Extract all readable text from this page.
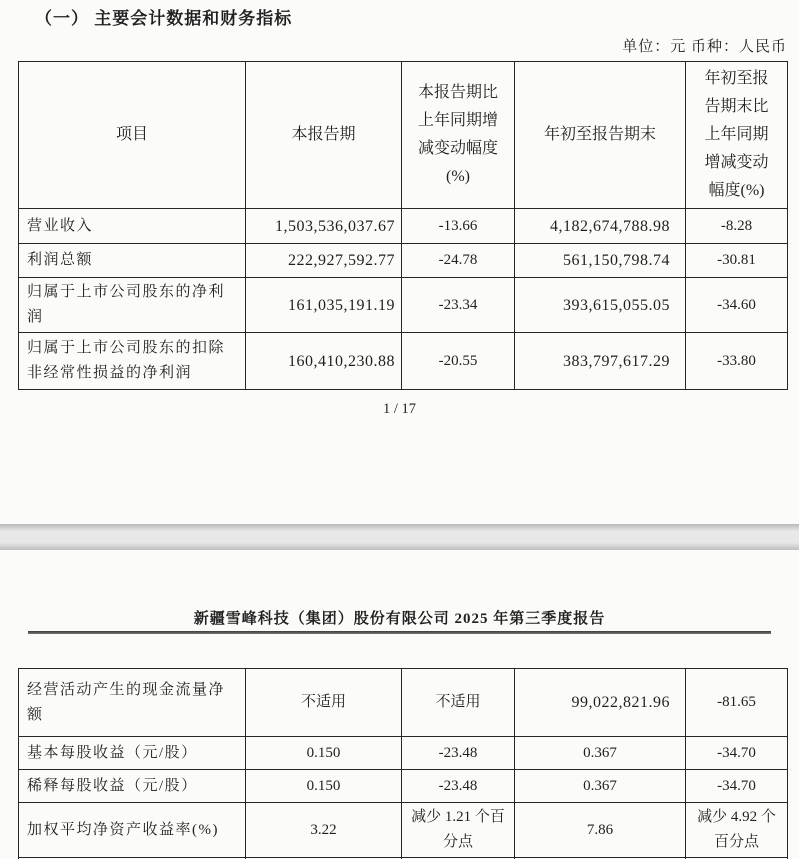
（一） 主要会计数据和财务指标
单位：元 币种：人民币
项目	本报告期	本报告期比上年同期增减变动幅度(%)	年初至报告期末	年初至报告期末比上年同期增减变动幅度(%)
营业收入	1,503,536,037.67	-13.66	4,182,674,788.98	-8.28
利润总额	222,927,592.77	-24.78	561,150,798.74	-30.81
归属于上市公司股东的净利润	161,035,191.19	-23.34	393,615,055.05	-34.60
归属于上市公司股东的扣除非经常性损益的净利润	160,410,230.88	-20.55	383,797,617.29	-33.80
1 / 17
新疆雪峰科技（集团）股份有限公司 2025 年第三季度报告
经营活动产生的现金流量净额	不适用	不适用	99,022,821.96	-81.65
基本每股收益（元/股）	0.150	-23.48	0.367	-34.70
稀释每股收益（元/股）	0.150	-23.48	0.367	-34.70
加权平均净资产收益率(%)	3.22	减少 1.21 个百分点	7.86	减少 4.92 个百分点
